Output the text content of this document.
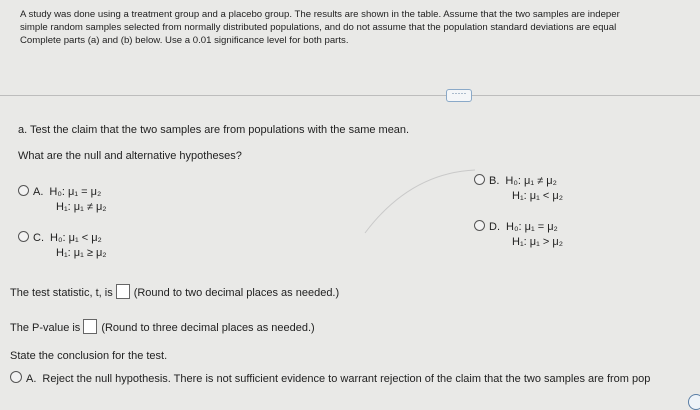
A study was done using a treatment group and a placebo group. The results are shown in the table. Assume that the two samples are indeper
simple random samples selected from normally distributed populations, and do not assume that the population standard deviations are equal
Complete parts (a) and (b) below. Use a 0.01 significance level for both parts.
·····
a. Test the claim that the two samples are from populations with the same mean.
What are the null and alternative hypotheses?
A. H₀: μ₁ = μ₂
H₁: μ₁ ≠ μ₂
C. H₀: μ₁ < μ₂
H₁: μ₁ ≥ μ₂
B. H₀: μ₁ ≠ μ₂
H₁: μ₁ < μ₂
D. H₀: μ₁ = μ₂
H₁: μ₁ > μ₂
The test statistic, t, is (Round to two decimal places as needed.)
The P-value is (Round to three decimal places as needed.)
State the conclusion for the test.
A. Reject the null hypothesis. There is not sufficient evidence to warrant rejection of the claim that the two samples are from pop
